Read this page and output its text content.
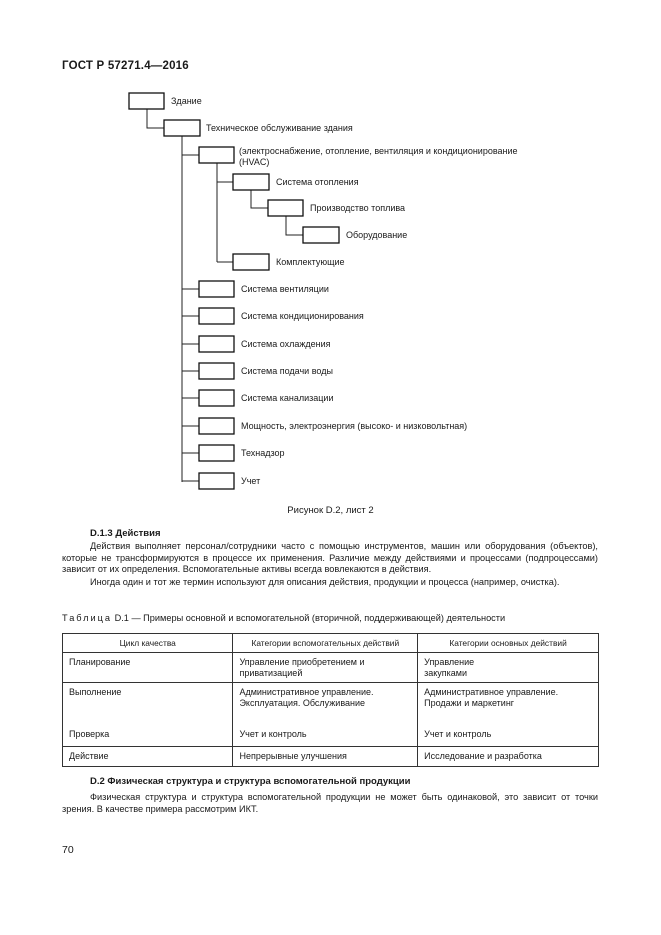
ГОСТ Р 57271.4—2016
Здание
Техническое обслуживание здания
(электроснабжение, отопление, вентиляция и кондиционирование
(HVAC)
Система отопления
Производство топлива
Оборудование
Комплектующие
Система вентиляции
Система кондиционирования
Система охлаждения
Система подачи воды
Система канализации
Мощность, электроэнергия (высоко- и низковольтная)
Технадзор
Учет
Рисунок D.2, лист 2
D.1.3 Действия

Действия выполняет персонал/сотрудники часто с помощью инструментов, машин или оборудования (объектов), которые не трансформируются в процессе их применения. Различие между действиями и процессами (подпроцессами) зависит от их определения. Вспомогательные активы всегда вовлекаются в действия.

Иногда один и тот же термин используют для описания действия, продукции и процесса (например, очистка).

Таблица D.1 — Примеры основной и вспомогательной (вторичной, поддерживающей) деятельности
Цикл качества	Категории вспомогательных действий	Категории основных действий
Планирование	Управление приобретением и приватизацией	Управление закупками
Выполнение	Административное управление. Эксплуатация. Обслуживание	Административное управление. Продажи и маркетинг
Проверка	Учет и контроль	Учет и контроль
Действие	Непрерывные улучшения	Исследование и разработка
D.2 Физическая структура и структура вспомогательной продукции

Физическая структура и структура вспомогательной продукции не может быть одинаковой, это зависит от точки зрения. В качестве примера рассмотрим ИКТ.

70
